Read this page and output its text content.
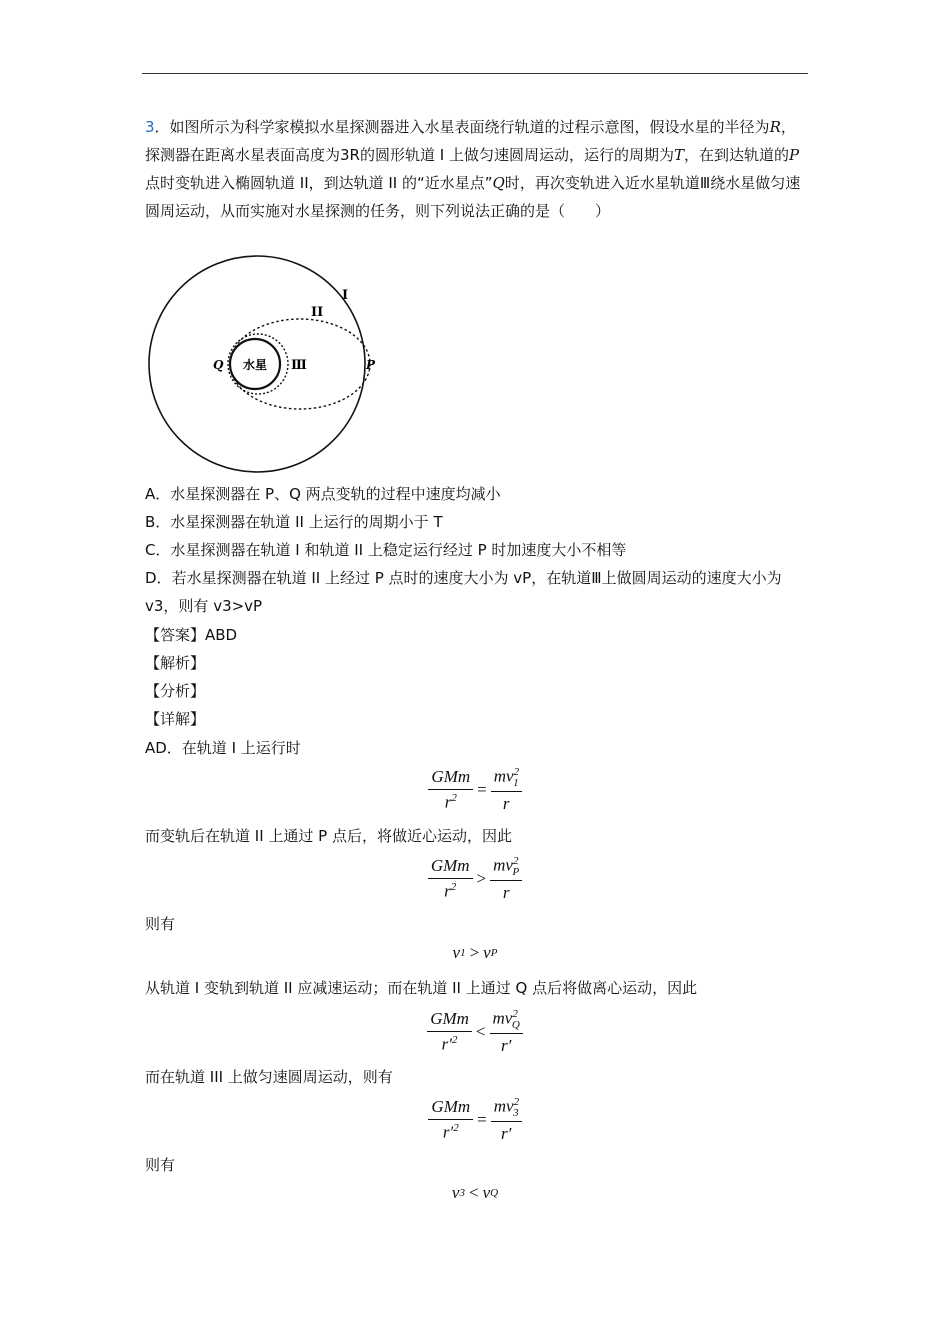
3．如图所示为科学家模拟水星探测器进入水星表面绕行轨道的过程示意图，假设水星的半径为R，探测器在距离水星表面高度为3R的圆形轨道 I 上做匀速圆周运动，运行的周期为T，在到达轨道的P点时变轨进入椭圆轨道 II，到达轨道 II 的“近水星点”Q时，再次变轨进入近水星轨道Ⅲ绕水星做匀速圆周运动，从而实施对水星探测的任务，则下列说法正确的是（　　）

水星
I
II
Ⅲ	P
Q

A．水星探测器在 P、Q 两点变轨的过程中速度均减小

B．水星探测器在轨道 II 上运行的周期小于 T

C．水星探测器在轨道 I 和轨道 II 上稳定运行经过 P 时加速度大小不相等

D．若水星探测器在轨道 II 上经过 P 点时的速度大小为 vP，在轨道Ⅲ上做圆周运动的速度大小为 v3，则有 v3>vP

【答案】ABD

【解析】

【分析】

【详解】

AD．在轨道 I 上运行时

$\frac{\text{GMm}}{r^2} = \frac{mv^2_1}{r}$

而变轨后在轨道 II 上通过 P 点后，将做近心运动，因此

$\frac{\text{GMm}}{r^2} > \frac{mv^2_P}{r}$

则有

v 1 > v P

从轨道 I 变轨到轨道 II 应减速运动；而在轨道 II 上通过 Q 点后将做离心运动，因此

$\frac{\text{GMm}}{r'^2} < \frac{mv^2_Q}{r'}$

而在轨道 III 上做匀速圆周运动，则有

$\frac{\text{GMm}}{r'^2} = \frac{mv^2_3}{r'}$

则有

v 3 < v Q
